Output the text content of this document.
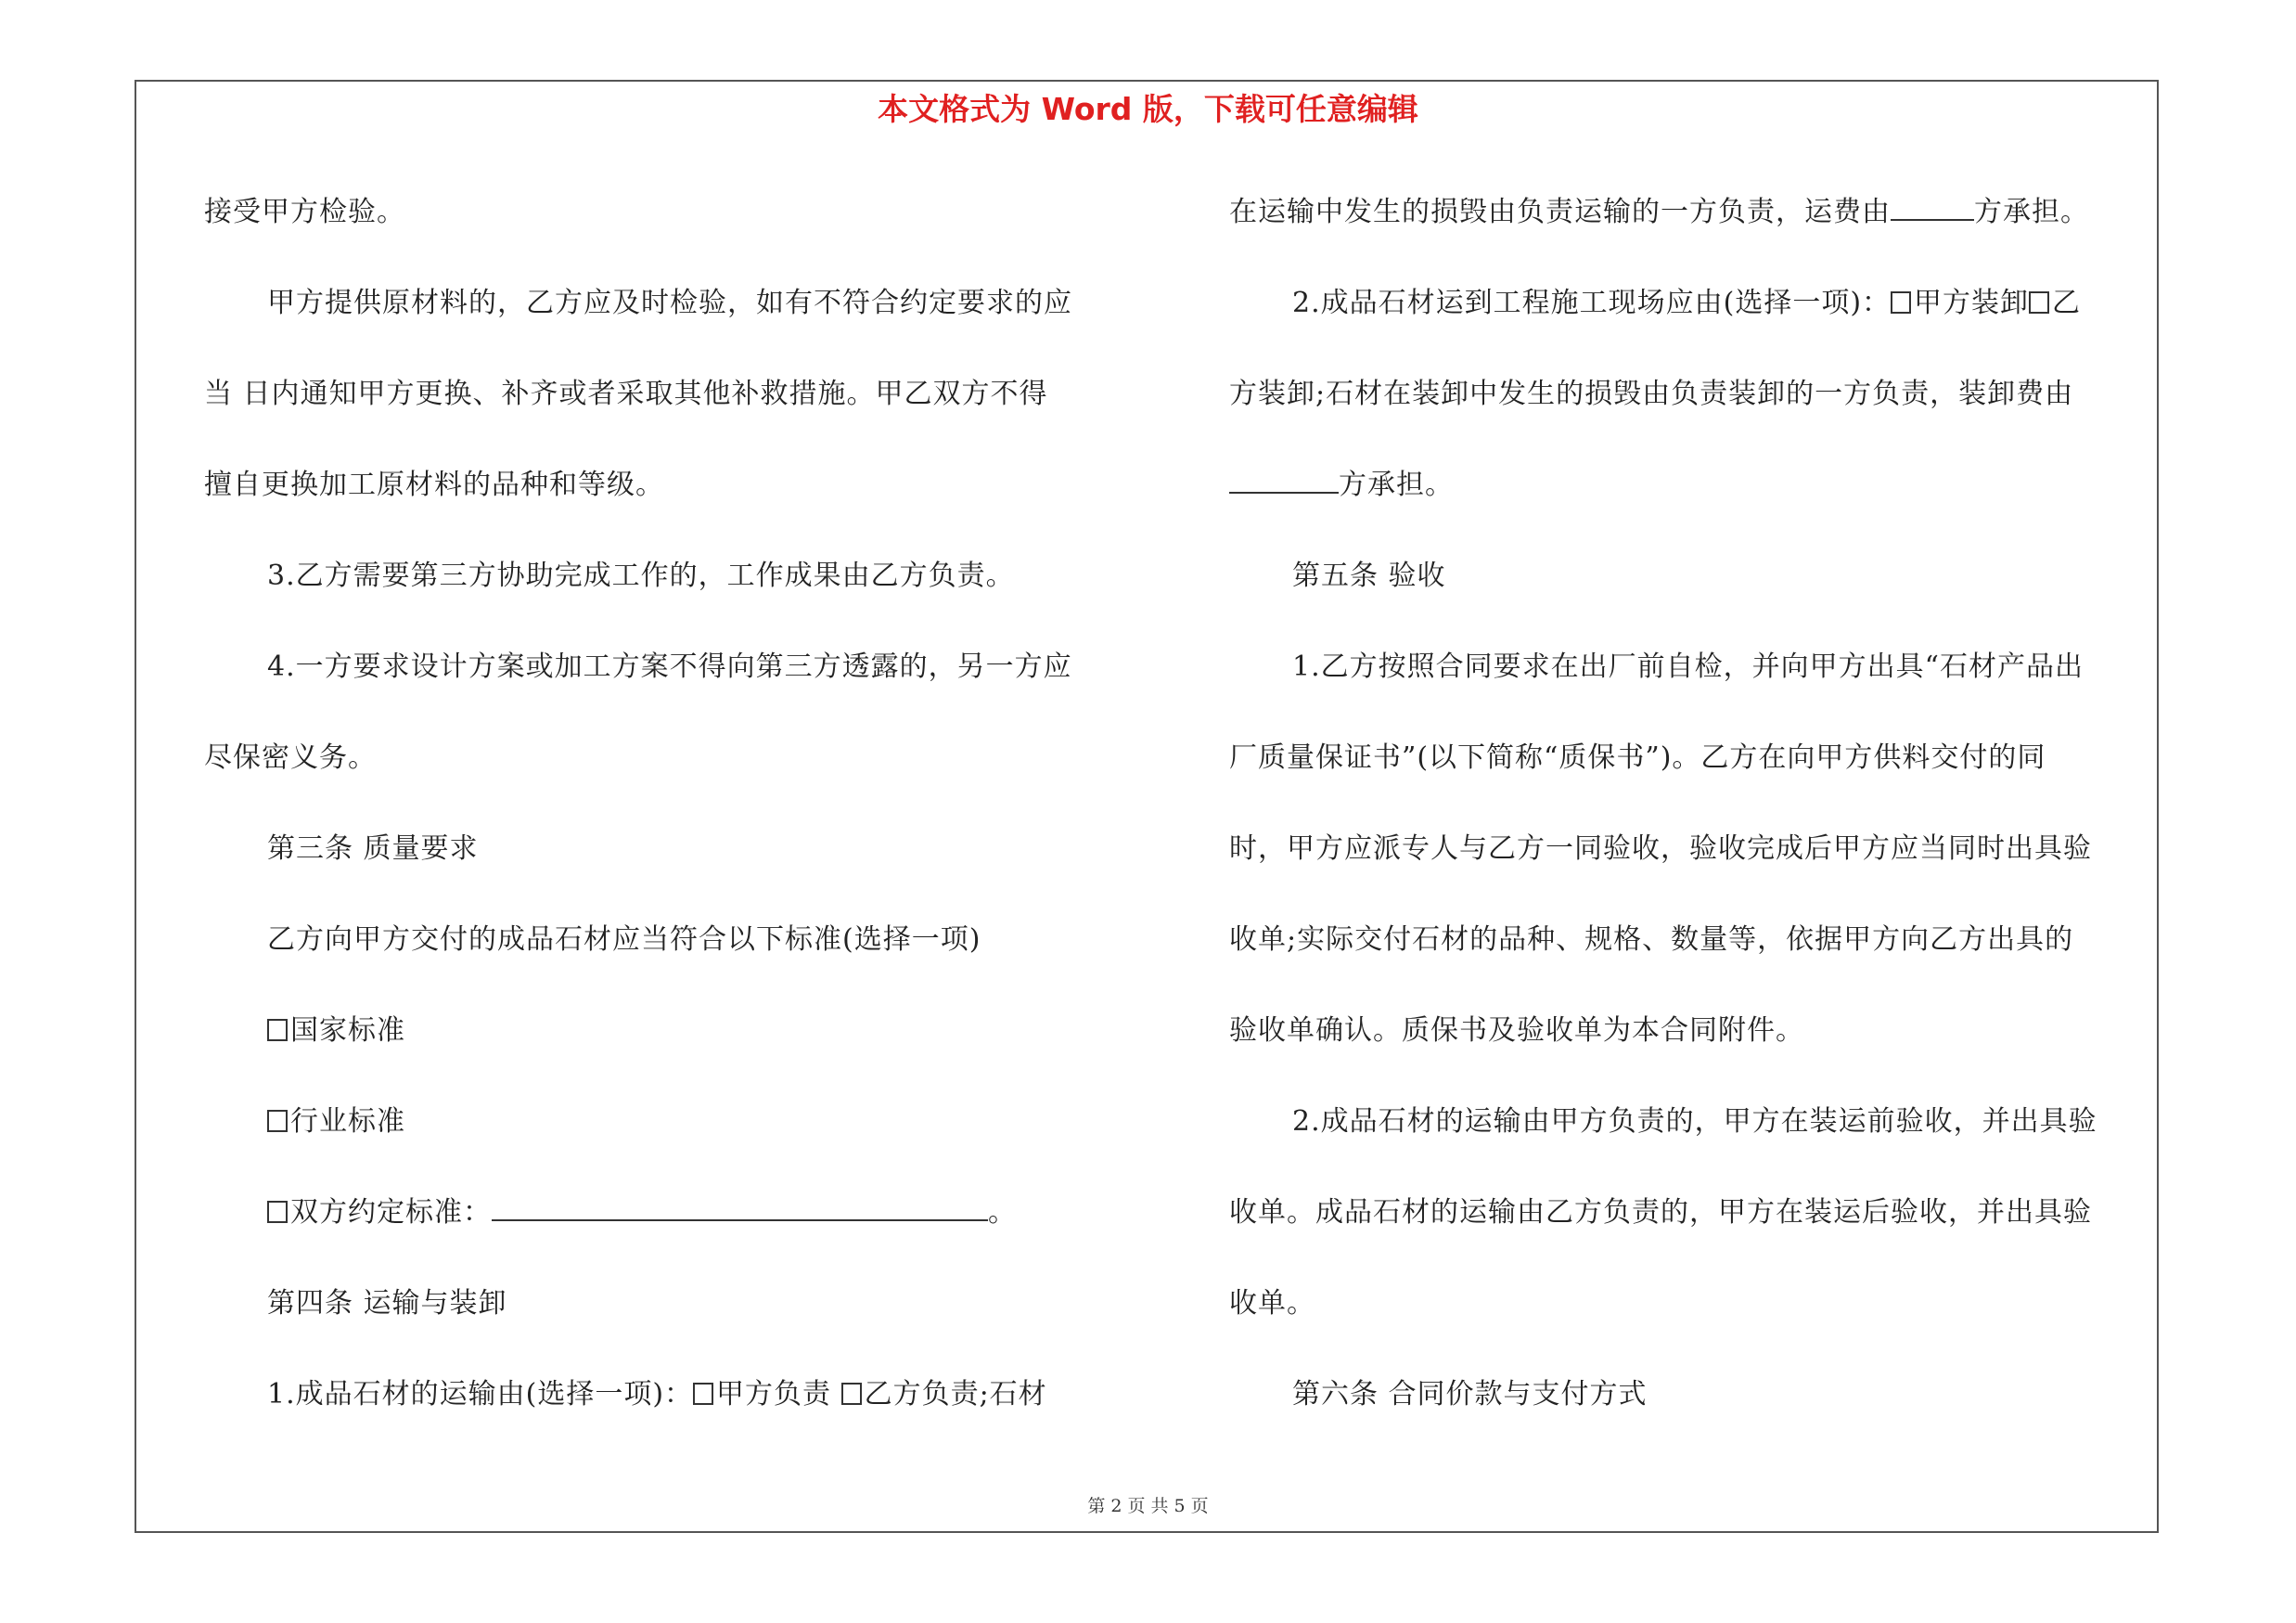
本文格式为 Word 版，下载可任意编辑
接受甲方检验。
甲方提供原材料的，乙方应及时检验，如有不符合约定要求的应
当 日内通知甲方更换、补齐或者采取其他补救措施。甲乙双方不得
擅自更换加工原材料的品种和等级。
3.乙方需要第三方协助完成工作的，工作成果由乙方负责。
4.一方要求设计方案或加工方案不得向第三方透露的，另一方应
尽保密义务。
第三条 质量要求
乙方向甲方交付的成品石材应当符合以下标准(选择一项)
国家标准
行业标准
双方约定标准：	。
第四条 运输与装卸
1.成品石材的运输由(选择一项)： 甲方负责 乙方负责;石材
在运输中发生的损毁由负责运输的一方负责，运费由	方承担。
2.成品石材运到工程施工现场应由(选择一项)： 甲方装卸 乙
方装卸;石材在装卸中发生的损毁由负责装卸的一方负责，装卸费由
方承担。
第五条 验收
1.乙方按照合同要求在出厂前自检，并向甲方出具“石材产品出
厂质量保证书”(以下简称“质保书”)。乙方在向甲方供料交付的同
时，甲方应派专人与乙方一同验收，验收完成后甲方应当同时出具验
收单;实际交付石材的品种、规格、数量等，依据甲方向乙方出具的
验收单确认。质保书及验收单为本合同附件。
2.成品石材的运输由甲方负责的，甲方在装运前验收，并出具验
收单。成品石材的运输由乙方负责的，甲方在装运后验收，并出具验
收单。
第六条 合同价款与支付方式
第 2 页 共 5 页
